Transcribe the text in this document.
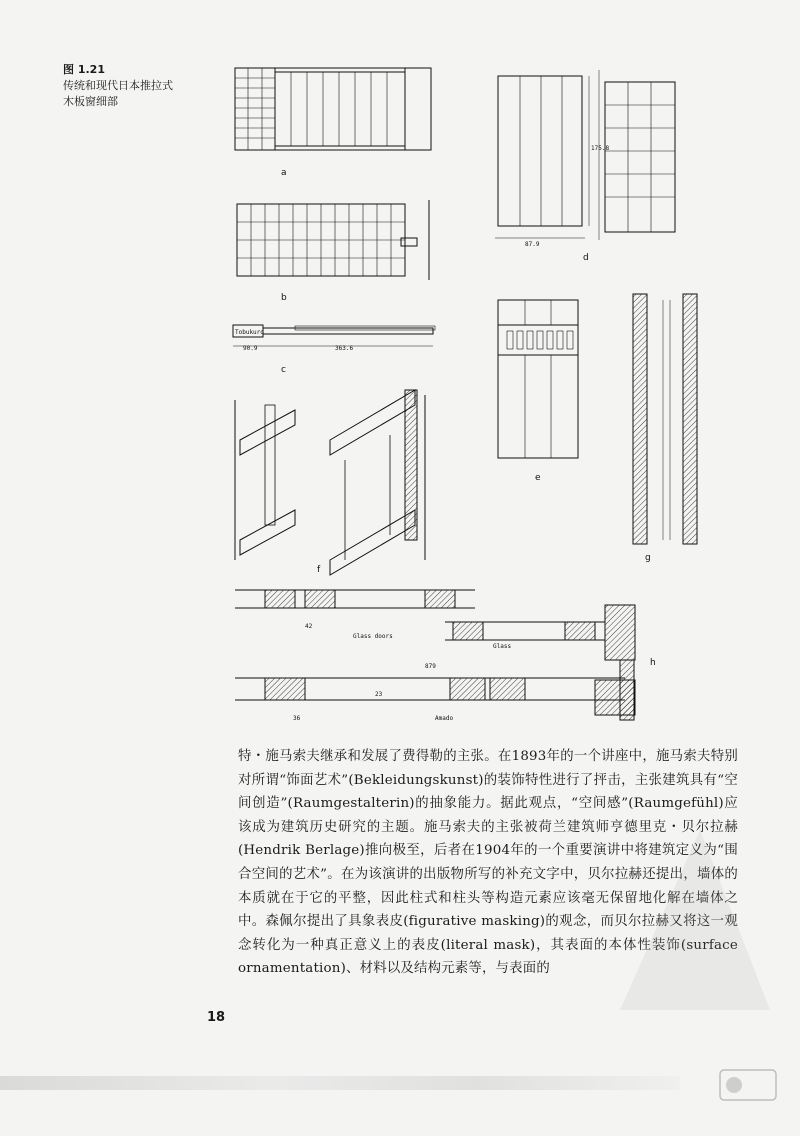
图 1.21
传统和现代日本推拉式
木板窗细部
a
b
Tobukuro
90.9	363.6
c
87.9
175.8
d
e
g
f
42
Glass doors
Glass
879
36
23
Amado
h

特・施马索夫继承和发展了费得勒的主张。在1893年的一个讲座中，施马索夫特别对所谓“饰面艺术”(Bekleidungskunst)的装饰特性进行了抨击，主张建筑具有“空间创造”(Raumgestalterin)的抽象能力。据此观点，“空间感”(Raumgefühl)应该成为建筑历史研究的主题。施马索夫的主张被荷兰建筑师亨德里克・贝尔拉赫(Hendrik Berlage)推向极至，后者在1904年的一个重要演讲中将建筑定义为“围合空间的艺术”。在为该演讲的出版物所写的补充文字中，贝尔拉赫还提出，墙体的本质就在于它的平整，因此柱式和柱头等构造元素应该毫无保留地化解在墙体之中。森佩尔提出了具象表皮(figurative masking)的观念，而贝尔拉赫又将这一观念转化为一种真正意义上的表皮(literal mask)，其表面的本体性装饰(surface ornamentation)、材料以及结构元素等，与表面的

18
